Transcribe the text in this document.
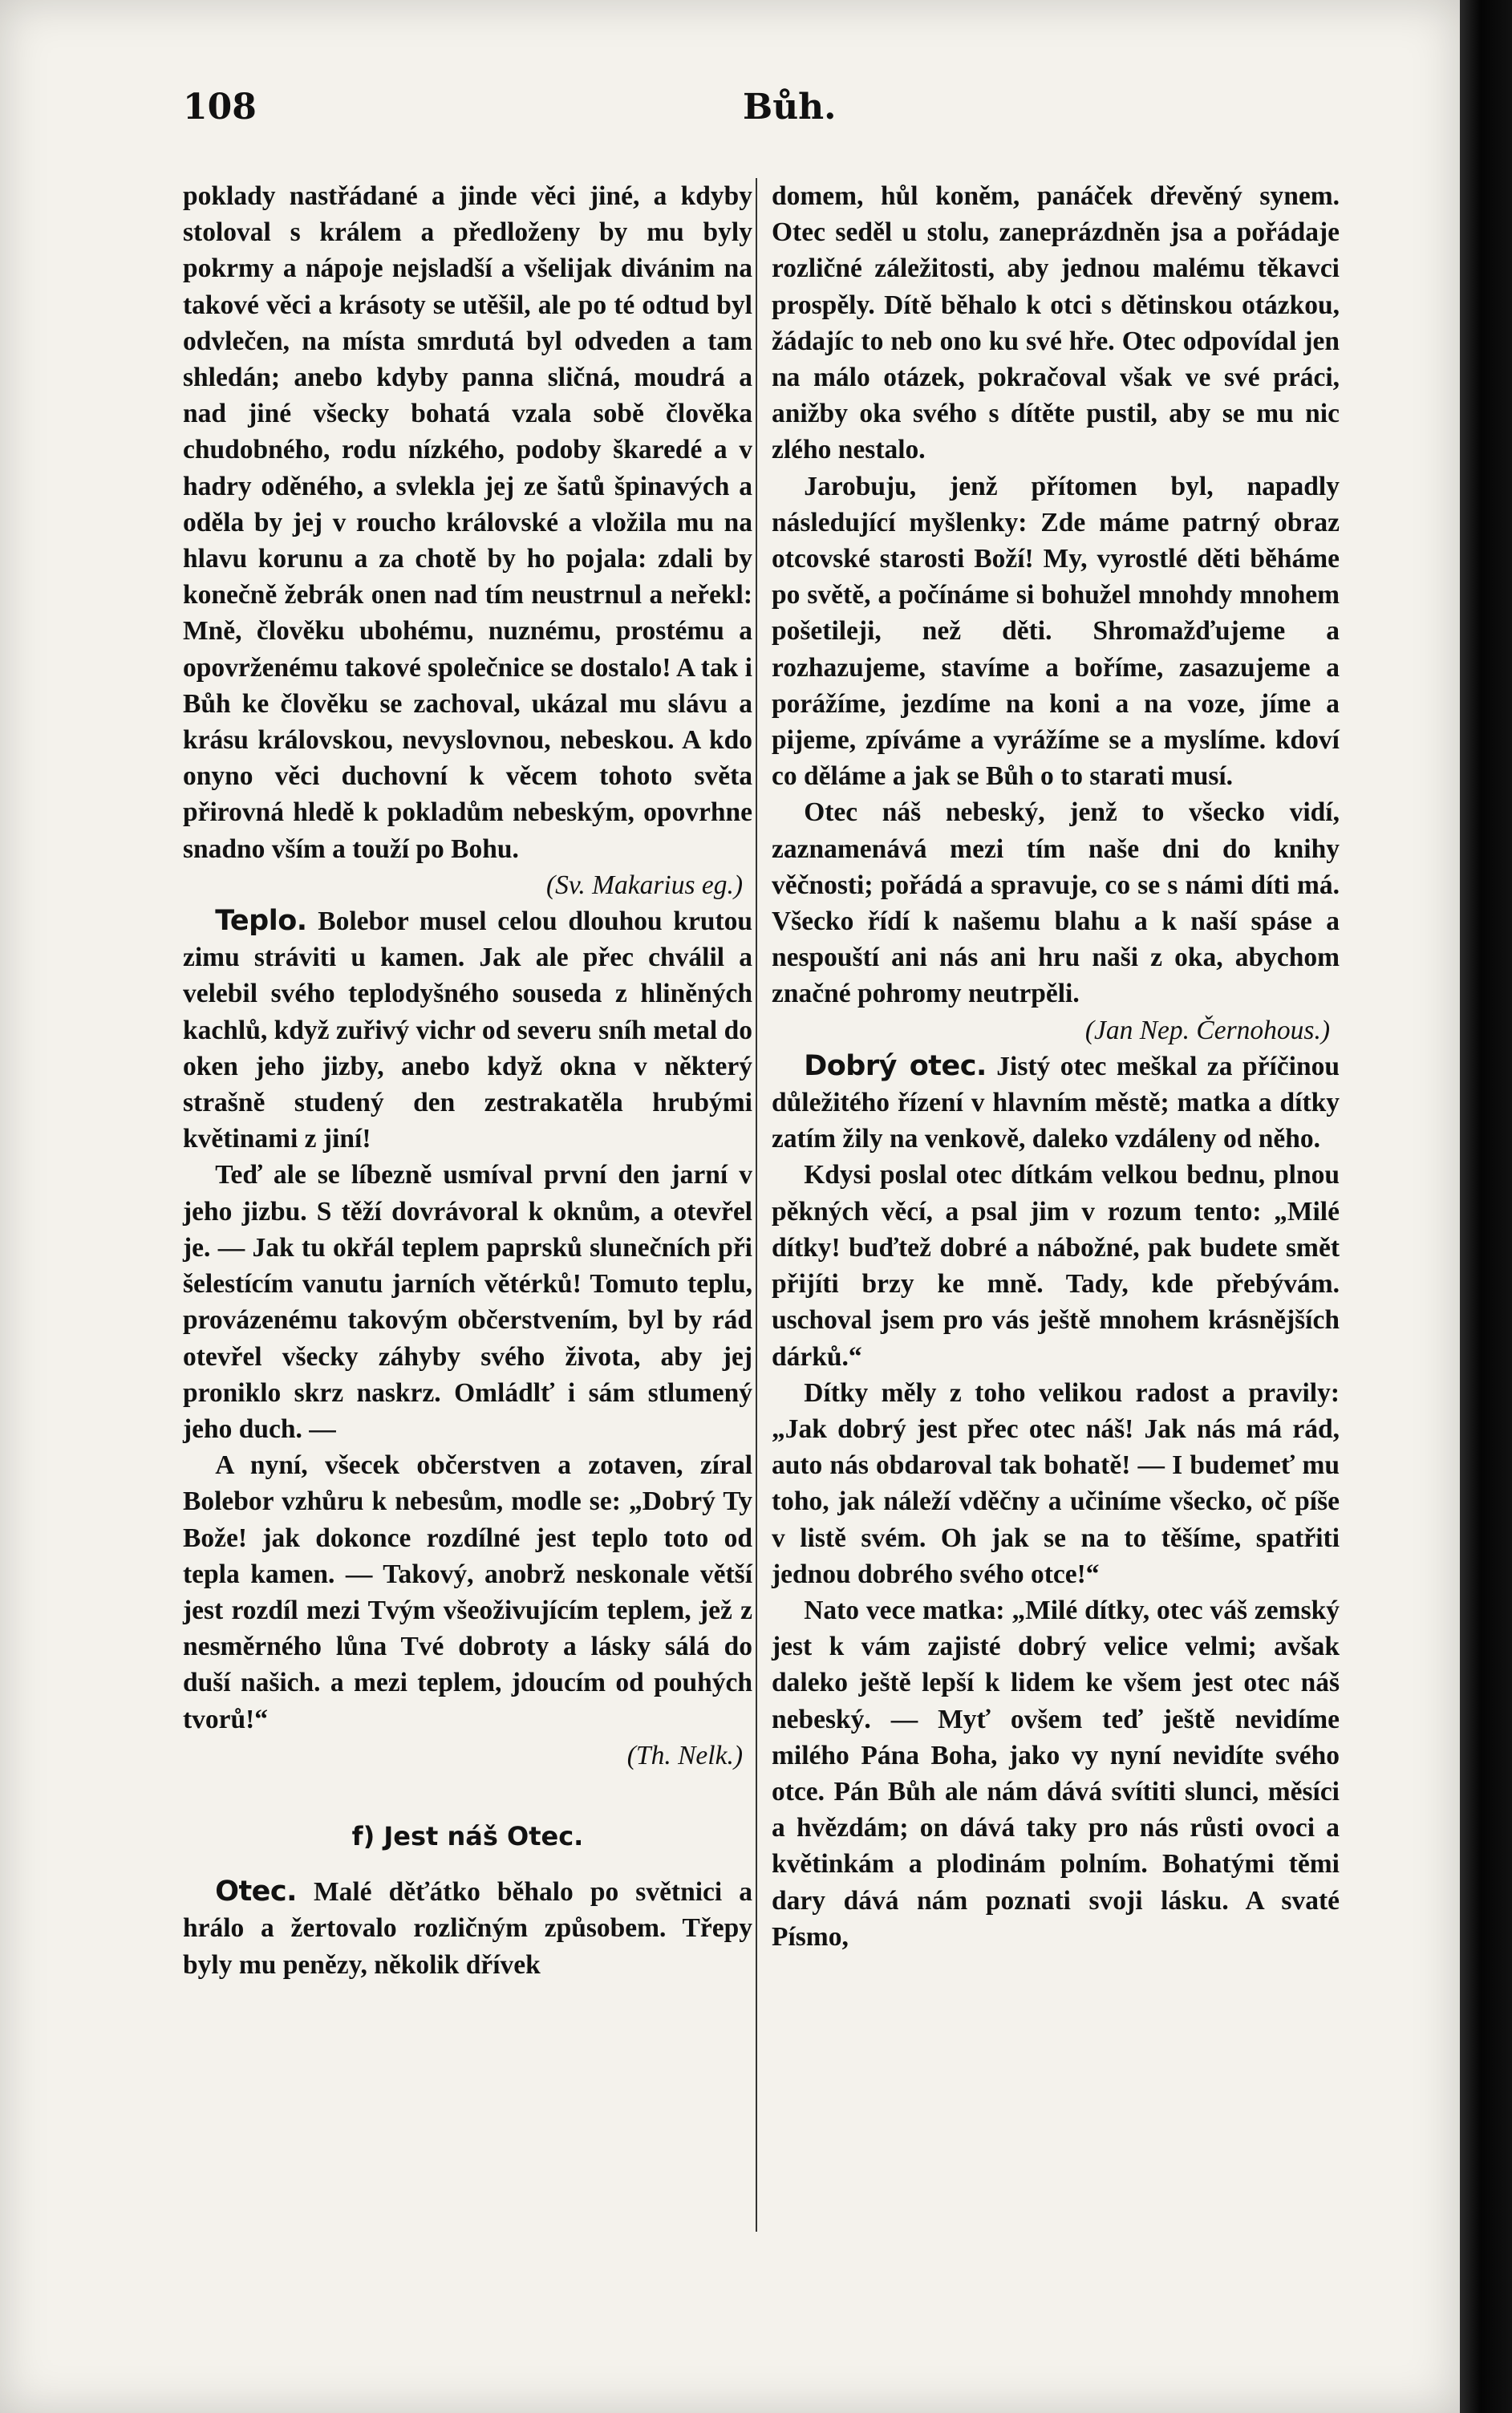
108	Bůh.

poklady nastřádané a jinde věci jiné, a kdyby stoloval s králem a předloženy by mu byly pokrmy a nápoje nejsladší a všelijak divánim na takové věci a krásoty se utěšil, ale po té odtud byl odvlečen, na místa smrdutá byl odveden a tam shledán; anebo kdyby panna sličná, moudrá a nad jiné všecky bohatá vzala sobě člověka chudobného, rodu nízkého, podoby škaredé a v hadry oděného, a svlekla jej ze šatů špinavých a oděla by jej v roucho královské a vložila mu na hlavu korunu a za chotě by ho pojala: zdali by konečně žebrák onen nad tím neustrnul a neřekl: Mně, člověku ubohému, nuznému, prostému a opovrženému takové společnice se dostalo! A tak i Bůh ke člověku se zachoval, ukázal mu slávu a krásu královskou, nevyslovnou, nebeskou. A kdo onyno věci duchovní k věcem tohoto světa přirovná hledě k pokladům nebeským, opovrhne snadno vším a touží po Bohu.

(Sv. Makarius eg.)

Teplo. Bolebor musel celou dlouhou krutou zimu stráviti u kamen. Jak ale přec chválil a velebil svého teplodyšného souseda z hliněných kachlů, když zuřivý vichr od severu sníh metal do oken jeho jizby, anebo když okna v některý strašně studený den zestrakatěla hrubými květinami z jiní!

Teď ale se líbezně usmíval první den jarní v jeho jizbu. S těží dovrávoral k oknům, a otevřel je. — Jak tu okřál teplem paprsků slunečních při šelestícím vanutu jarních větérků! Tomuto teplu, provázenému takovým občerstvením, byl by rád otevřel všecky záhyby svého života, aby jej proniklo skrz naskrz. Omládlť i sám stlumený jeho duch. —

A nyní, všecek občerstven a zotaven, zíral Bolebor vzhůru k nebesům, modle se: „Dobrý Ty Bože! jak dokonce rozdílné jest teplo toto od tepla kamen. — Takový, anobrž neskonale větší jest rozdíl mezi Tvým všeoživujícím teplem, jež z nesměrného lůna Tvé dobroty a lásky sálá do duší našich. a mezi teplem, jdoucím od pouhých tvorů!“

(Th. Nelk.)

f) Jest náš Otec.

Otec. Malé děťátko běhalo po světnici a hrálo a žertovalo rozličným způsobem. Třepy byly mu penězy, několik dřívek

domem, hůl koněm, panáček dřevěný synem. Otec seděl u stolu, zaneprázdněn jsa a pořádaje rozličné záležitosti, aby jednou malému těkavci prospěly. Dítě běhalo k otci s dětinskou otázkou, žádajíc to neb ono ku své hře. Otec odpovídal jen na málo otázek, pokračoval však ve své práci, anižby oka svého s dítěte pustil, aby se mu nic zlého nestalo.

Jarobuju, jenž přítomen byl, napadly následující myšlenky: Zde máme patrný obraz otcovské starosti Boží! My, vyrostlé děti běháme po světě, a počínáme si bohužel mnohdy mnohem pošetileji, než děti. Shromažďujeme a rozhazujeme, stavíme a boříme, zasazujeme a porážíme, jezdíme na koni a na voze, jíme a pijeme, zpíváme a vyrážíme se a myslíme. kdoví co děláme a jak se Bůh o to starati musí.

Otec náš nebeský, jenž to všecko vidí, zaznamenává mezi tím naše dni do knihy věčnosti; pořádá a spravuje, co se s námi díti má. Všecko řídí k našemu blahu a k naší spáse a nespouští ani nás ani hru naši z oka, abychom značné pohromy neutrpěli.

(Jan Nep. Černohous.)

Dobrý otec. Jistý otec meškal za příčinou důležitého řízení v hlavním městě; matka a dítky zatím žily na venkově, daleko vzdáleny od něho.

Kdysi poslal otec dítkám velkou bednu, plnou pěkných věcí, a psal jim v rozum tento: „Milé dítky! buďtež dobré a nábožné, pak budete smět přijíti brzy ke mně. Tady, kde přebývám. uschoval jsem pro vás ještě mnohem krásnějších dárků.“

Dítky měly z toho velikou radost a pravily: „Jak dobrý jest přec otec náš! Jak nás má rád, auto nás obdaroval tak bohatě! — I budemeť mu toho, jak náleží vděčny a učiníme všecko, oč píše v listě svém. Oh jak se na to těšíme, spatřiti jednou dobrého svého otce!“

Nato vece matka: „Milé dítky, otec váš zemský jest k vám zajisté dobrý velice velmi; avšak daleko ještě lepší k lidem ke všem jest otec náš nebeský. — Myť ovšem teď ještě nevidíme milého Pána Boha, jako vy nyní nevidíte svého otce. Pán Bůh ale nám dává svítiti slunci, měsíci a hvězdám; on dává taky pro nás růsti ovoci a květinkám a plodinám polním. Bohatými těmi dary dává nám poznati svoji lásku. A svaté Písmo,
